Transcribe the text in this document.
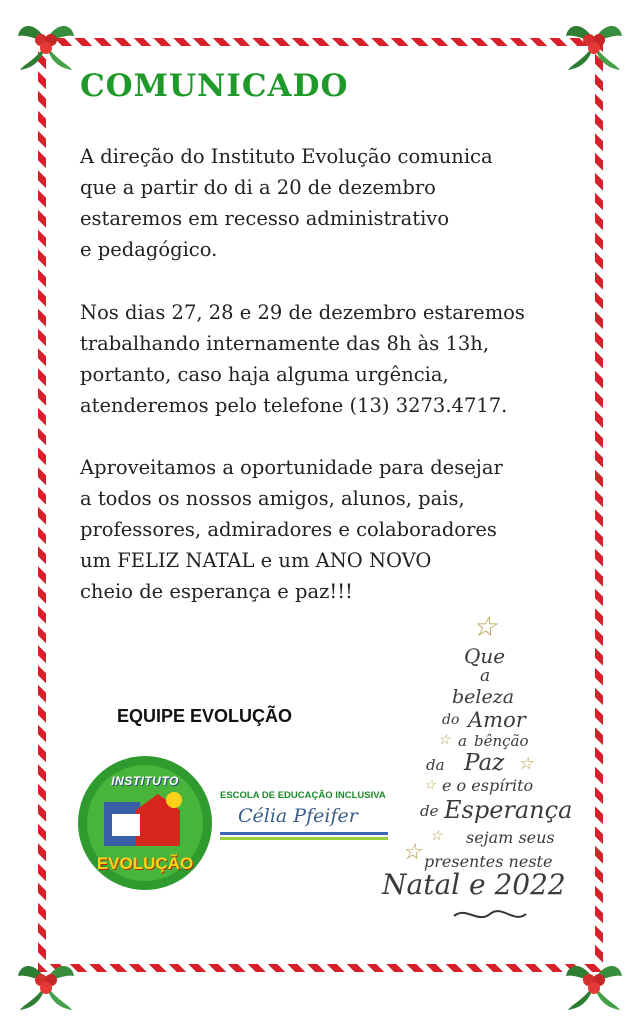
COMUNICADO
A direção do Instituto Evolução comunica
que a partir do di a 20 de dezembro
estaremos em recesso administrativo
e pedagógico.
Nos dias 27, 28 e 29 de dezembro estaremos
trabalhando internamente das 8h às 13h,
portanto, caso haja alguma urgência,
atenderemos pelo telefone (13) 3273.4717.
Aproveitamos a oportunidade para desejar
a todos os nossos amigos, alunos, pais,
professores, admiradores e colaboradores
um FELIZ NATAL e um ANO NOVO
cheio de esperança e paz!!!
EQUIPE EVOLUÇÃO
INSTITUTO
EVOLUÇÃO
ESCOLA DE EDUCAÇÃO INCLUSIVA
Célia Pfeifer
☆
Que
a
beleza
do Amor
☆ a bênção
da Paz ☆
☆ e o espírito
de Esperança
☆ sejam seus
☆ presentes neste
Natal e 2022
